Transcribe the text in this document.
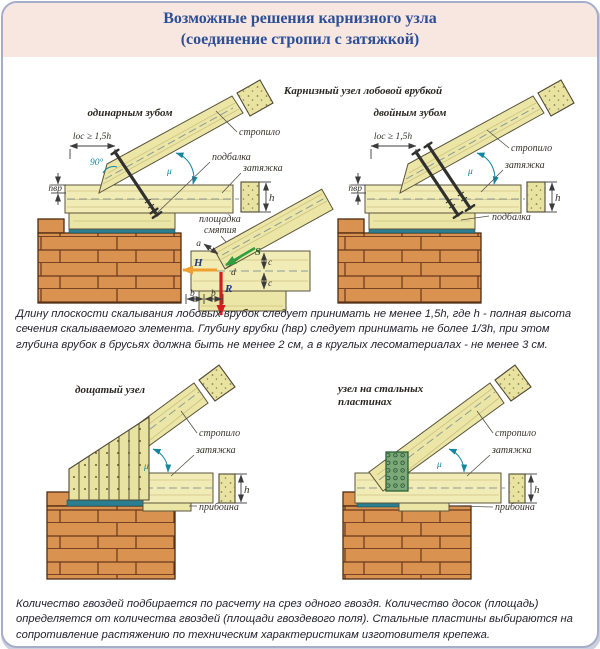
Возможные решения карнизного узла
(соединение стропил с затяжкой)
Карнизный узел лобовой врубкой
одинарным зубом	двойным зубом
дощатый узел	узел на стальных
пластинах
90°
lос ≥ 1,5h
hвр
μ
h
стропило
подбалка
затяжка
площадка
смятия
a
S
H
R
d
c
c
b b
lос ≥ 1,5h
hвр
μ
h
стропило
затяжка
подбалка
μ
h
стропило
затяжка
прибоина
μ
h
стропило
затяжка
прибоина
Длину плоскости скалывания лобовых врубок следует принимать не менее 1,5h, где h - полная высота сечения скалываемого элемента. Глубину врубки (hвр) следует принимать не более 1/3h, при этом глубина врубок в брусьях должна быть не менее 2 см, а в круглых лесоматериалах - не менее 3 см.
Количество гвоздей подбирается по расчету на срез одного гвоздя. Количество досок (площадь) определяется от количества гвоздей (площади гвоздевого поля). Стальные пластины выбираются на сопротивление растяжению по техническим характеристикам изготовителя крепежа.
